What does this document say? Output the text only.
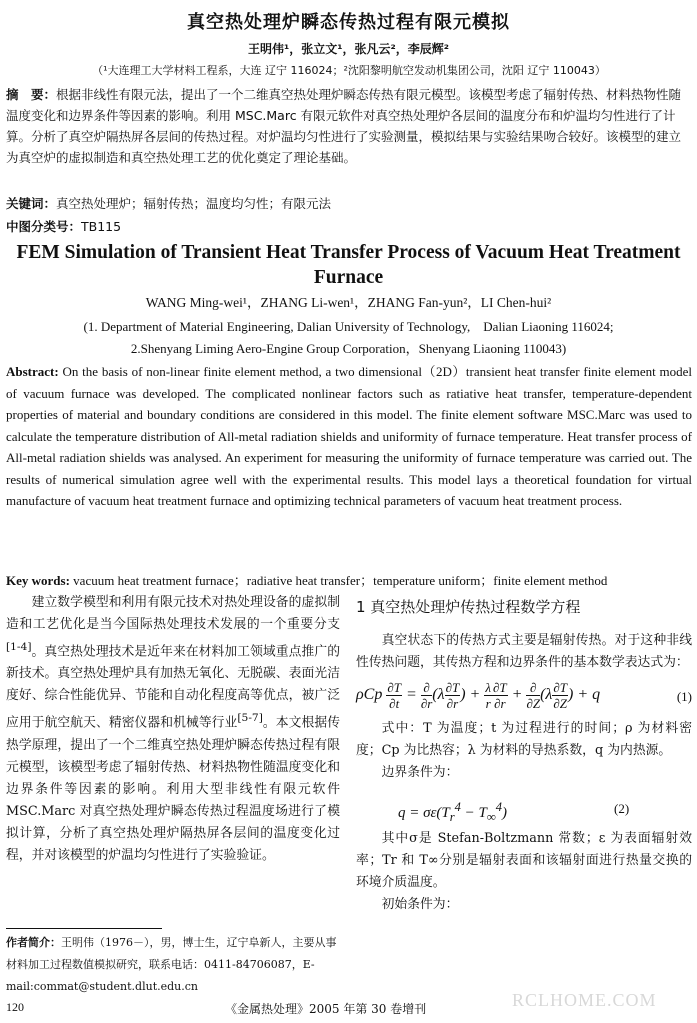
真空热处理炉瞬态传热过程有限元模拟
王明伟¹，张立文¹，张凡云²，李辰辉²
（¹大连理工大学材料工程系，大连 辽宁 116024；²沈阳黎明航空发动机集团公司，沈阳 辽宁 110043）
摘　要：根据非线性有限元法，提出了一个二维真空热处理炉瞬态传热有限元模型。该模型考虑了辐射传热、材料热物性随温度变化和边界条件等因素的影响。利用 MSC.Marc 有限元软件对真空热处理炉各层间的温度分布和炉温均匀性进行了计算。分析了真空炉隔热屏各层间的传热过程。对炉温均匀性进行了实验测量，模拟结果与实验结果吻合较好。该模型的建立为真空炉的虚拟制造和真空热处理工艺的优化奠定了理论基础。
关键词：真空热处理炉；辐射传热；温度均匀性；有限元法
中图分类号：TB115
FEM Simulation of Transient Heat Transfer Process of Vacuum Heat Treatment Furnace
WANG Ming-wei¹，ZHANG Li-wen¹，ZHANG Fan-yun²，LI Chen-hui²
(1. Department of Material Engineering, Dalian University of Technology,　Dalian Liaoning 116024;
2.Shenyang Liming Aero-Engine Group Corporation，Shenyang Liaoning 110043)
Abstract: On the basis of non-linear finite element method, a two dimensional（2D）transient heat transfer finite element model of vacuum furnace was developed. The complicated nonlinear factors such as ratiative heat transfer, temperature-dependent properties of material and boundary conditions are considered in this model. The finite element software MSC.Marc was used to calculate the temperature distribution of All-metal radiation shields and uniformity of furnace temperature. Heat transfer process of All-metal radiation shields was analysed. An experiment for measuring the uniformity of furnace temperature was carried out. The results of numerical simulation agree well with the experimental results. This model lays a theoretical foundation for virtual manufacture of vacuum heat treatment furnace and optimizing technical parameters of vacuum heat treatment process.
Key words: vacuum heat treatment furnace；radiative heat transfer；temperature uniform；finite element method

建立数学模型和利用有限元技术对热处理设备的虚拟制造和工艺优化是当今国际热处理技术发展的一个重要分支[1-4]。真空热处理技术是近年来在材料加工领域重点推广的新技术。真空热处理炉具有加热无氧化、无脱碳、表面光洁度好、综合性能优异、节能和自动化程度高等优点，被广泛应用于航空航天、精密仪器和机械等行业[5-7]。本文根据传热学原理，提出了一个二维真空热处理炉瞬态传热过程有限元模型，该模型考虑了辐射传热、材料热物性随温度变化和边界条件等因素的影响。利用大型非线性有限元软件 MSC.Marc 对真空热处理炉瞬态传热过程温度场进行了模拟计算，分析了真空热处理炉隔热屏各层间的温度变化过程，并对该模型的炉温均匀性进行了实验验证。

1 真空热处理炉传热过程数学方程

真空状态下的传热方式主要是辐射传热。对于这种非线性传热问题，其传热方程和边界条件的基本数学表达式为：

ρCp $\frac{\partial T}{\partial t} = \frac{\partial}{\partial r} (\lambda \frac{\partial T}{\partial r}$ ) + $\frac{\lambda}{r} \frac{\partial T}{\partial r} + \frac{\partial}{\partial Z} (\lambda \frac{\partial T}{\partial Z}$ ) + q	(1)

式中：T 为温度；t 为过程进行的时间；ρ 为材料密度；Cp 为比热容；λ 为材料的导热系数，q 为内热源。

边界条件为：

$q = \sigma\varepsilon(T_r^4 - T_\infty^4)$	(2)

其中σ是 Stefan-Boltzmann 常数；ε 为表面辐射效率；Tr 和 T∞分别是辐射表面和该辐射面进行热量交换的环境介质温度。

初始条件为：

作者简介：王明伟（1976－），男，博士生，辽宁阜新人，主要从事材料加工过程数值模拟研究，联系电话：0411-84706087，E-mail:commat@student.dlut.edu.cn
120	《金属热处理》2005 年第 30 卷增刊	RCLHOME.COM
